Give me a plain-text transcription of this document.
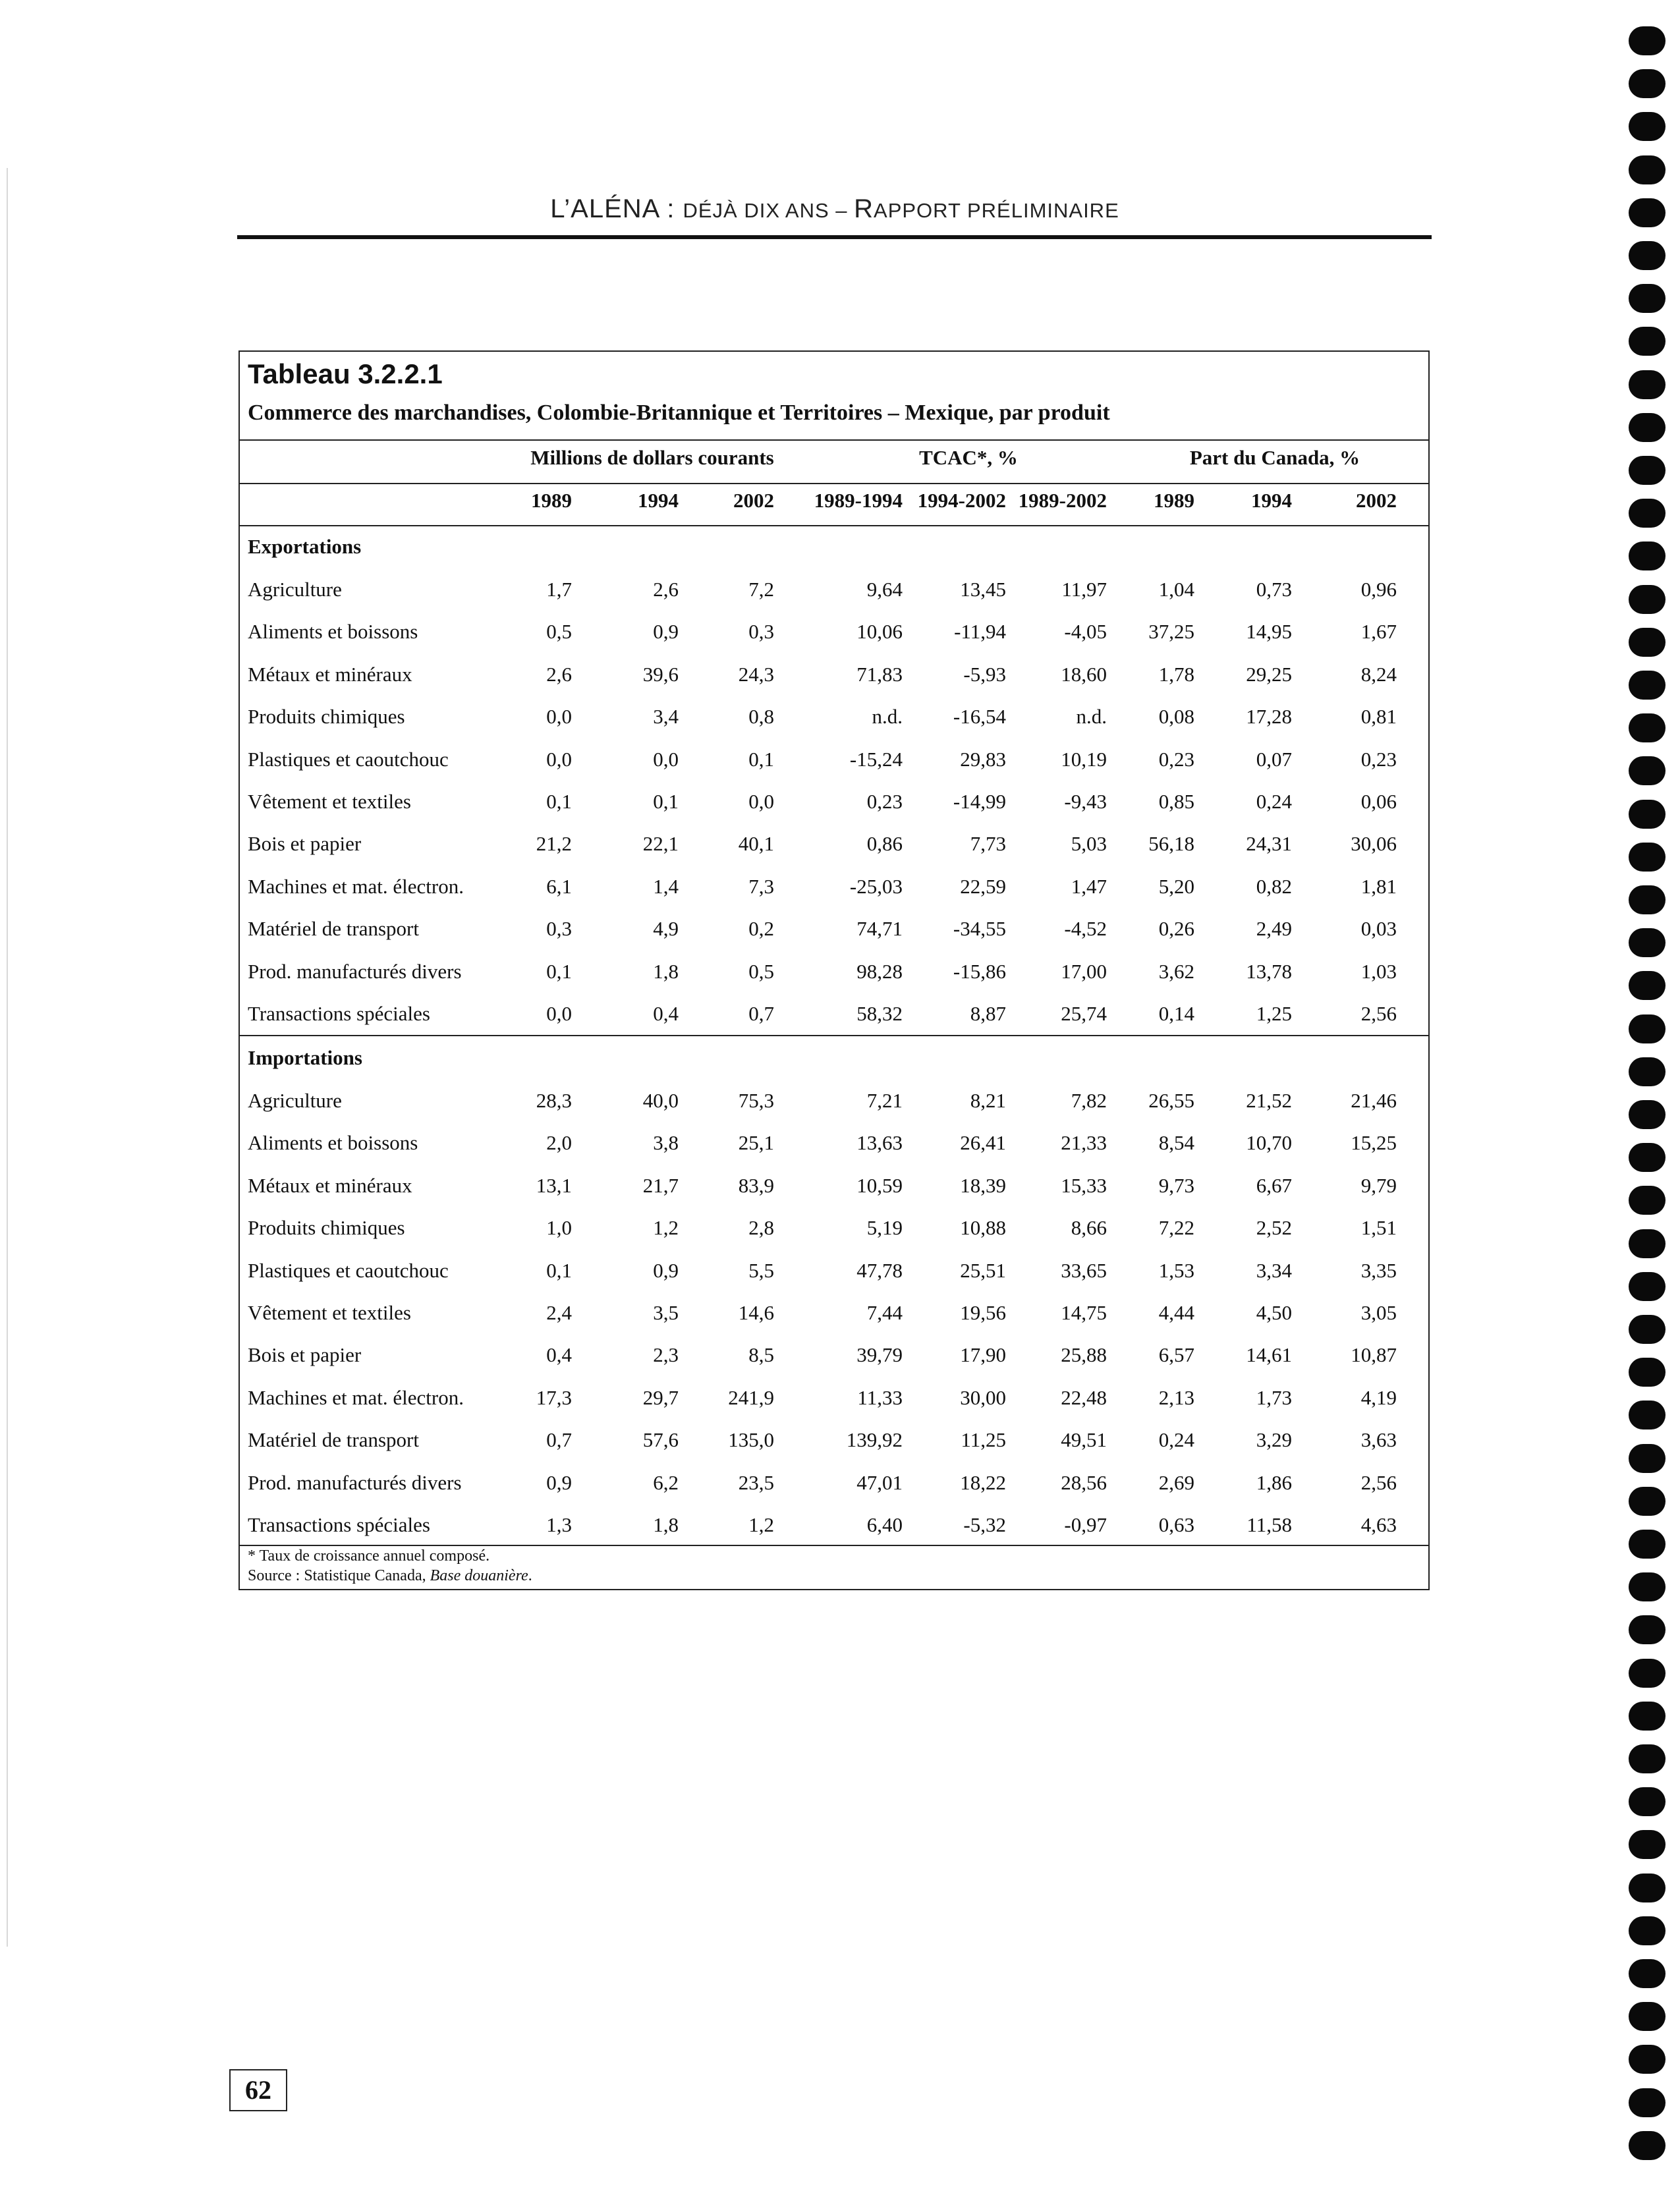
L’ALÉNA : DÉJÀ DIX ANS – RAPPORT PRÉLIMINAIRE
Tableau 3.2.2.1
Commerce des marchandises, Colombie-Britannique et Territoires – Mexique, par produit
Millions de dollars courants	TCAC*, %	Part du Canada, %
1989	1994	2002	1989-1994 1994-2002 1989-2002	1989	1994	2002
Exportations
Agriculture	1,7	2,6	7,2	9,64	13,45	11,97	1,04	0,73	0,96
Aliments et boissons	0,5	0,9	0,3	10,06	-11,94	-4,05	37,25	14,95	1,67
Métaux et minéraux	2,6	39,6	24,3	71,83	-5,93	18,60	1,78	29,25	8,24
Produits chimiques	0,0	3,4	0,8	n.d.	-16,54	n.d.	0,08	17,28	0,81
Plastiques et caoutchouc	0,0	0,0	0,1	-15,24	29,83	10,19	0,23	0,07	0,23
Vêtement et textiles	0,1	0,1	0,0	0,23	-14,99	-9,43	0,85	0,24	0,06
Bois et papier	21,2	22,1	40,1	0,86	7,73	5,03	56,18	24,31	30,06
Machines et mat. électron.	6,1	1,4	7,3	-25,03	22,59	1,47	5,20	0,82	1,81
Matériel de transport	0,3	4,9	0,2	74,71	-34,55	-4,52	0,26	2,49	0,03
Prod. manufacturés divers	0,1	1,8	0,5	98,28	-15,86	17,00	3,62	13,78	1,03
Transactions spéciales	0,0	0,4	0,7	58,32	8,87	25,74	0,14	1,25	2,56
Importations
Agriculture	28,3	40,0	75,3	7,21	8,21	7,82	26,55	21,52	21,46
Aliments et boissons	2,0	3,8	25,1	13,63	26,41	21,33	8,54	10,70	15,25
Métaux et minéraux	13,1	21,7	83,9	10,59	18,39	15,33	9,73	6,67	9,79
Produits chimiques	1,0	1,2	2,8	5,19	10,88	8,66	7,22	2,52	1,51
Plastiques et caoutchouc	0,1	0,9	5,5	47,78	25,51	33,65	1,53	3,34	3,35
Vêtement et textiles	2,4	3,5	14,6	7,44	19,56	14,75	4,44	4,50	3,05
Bois et papier	0,4	2,3	8,5	39,79	17,90	25,88	6,57	14,61	10,87
Machines et mat. électron.	17,3	29,7	241,9	11,33	30,00	22,48	2,13	1,73	4,19
Matériel de transport	0,7	57,6	135,0	139,92	11,25	49,51	0,24	3,29	3,63
Prod. manufacturés divers	0,9	6,2	23,5	47,01	18,22	28,56	2,69	1,86	2,56
Transactions spéciales	1,3	1,8	1,2	6,40	-5,32	-0,97	0,63	11,58	4,63
* Taux de croissance annuel composé.
Source : Statistique Canada, Base douanière.
62
